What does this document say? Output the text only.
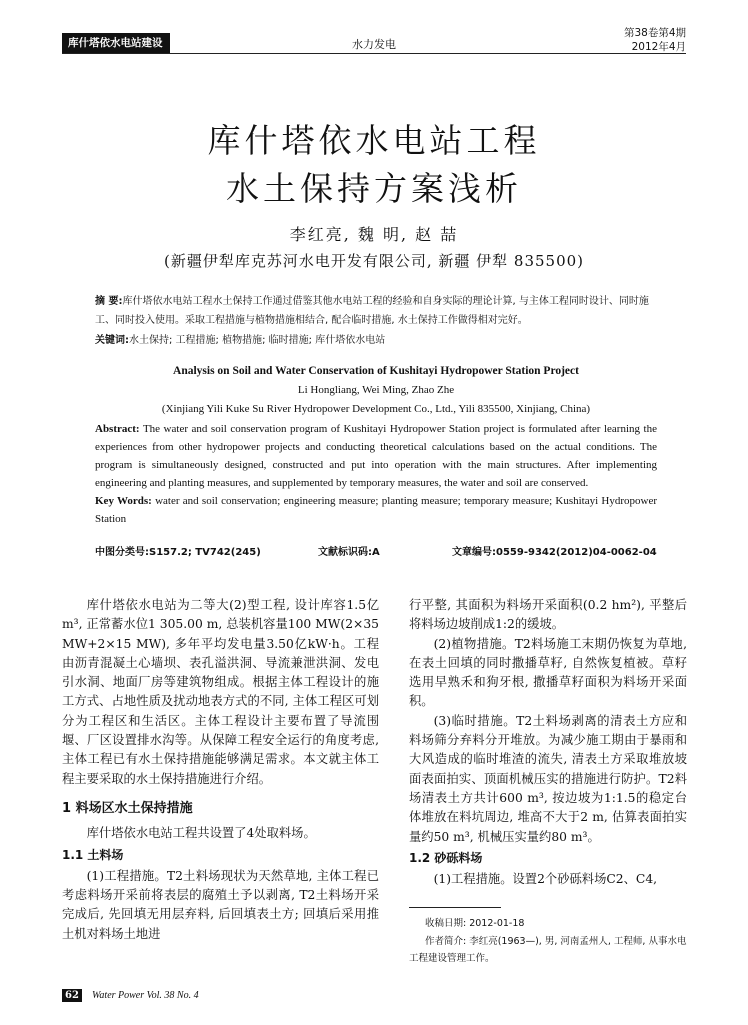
库什塔依水电站建设	水力发电
第38卷第4期
2012年4月
库什塔依水电站工程
水土保持方案浅析
李红亮, 魏 明, 赵 喆
(新疆伊犁库克苏河水电开发有限公司, 新疆 伊犁 835500)
摘 要:库什塔依水电站工程水土保持工作通过借鉴其他水电站工程的经验和自身实际的理论计算, 与主体工程同时设计、同时施工、同时投入使用。采取工程措施与植物措施相结合, 配合临时措施, 水土保持工作做得相对完好。
关键词:水土保持; 工程措施; 植物措施; 临时措施; 库什塔依水电站
Analysis on Soil and Water Conservation of Kushitayi Hydropower Station Project
Li Hongliang, Wei Ming, Zhao Zhe
(Xinjiang Yili Kuke Su River Hydropower Development Co., Ltd., Yili 835500, Xinjiang, China)
Abstract: The water and soil conservation program of Kushitayi Hydropower Station project is formulated after learning the experiences from other hydropower projects and conducting theoretical calculations based on the actual conditions. The program is simultaneously designed, constructed and put into operation with the main structures. After implementing engineering and planting measures, and supplemented by temporary measures, the water and soil are conserved.
Key Words: water and soil conservation; engineering measure; planting measure; temporary measure; Kushitayi Hydropower Station
中图分类号:S157.2; TV742(245)	文献标识码:A	文章编号:0559-9342(2012)04-0062-04

库什塔依水电站为二等大(2)型工程, 设计库容1.5亿m³, 正常蓄水位1 305.00 m, 总装机容量100 MW(2×35 MW+2×15 MW), 多年平均发电量3.50亿kW·h。工程由沥青混凝土心墙坝、表孔溢洪洞、导流兼泄洪洞、发电引水洞、地面厂房等建筑物组成。根据主体工程设计的施工方式、占地性质及扰动地表方式的不同, 主体工程区可划分为工程区和生活区。主体工程设计主要布置了导流围堰、厂区设置排水沟等。从保障工程安全运行的角度考虑, 主体工程已有水土保持措施能够满足需求。本文就主体工程主要采取的水土保持措施进行介绍。

1 料场区水土保持措施

库什塔依水电站工程共设置了4处取料场。

1.1 土料场

(1)工程措施。T2土料场现状为天然草地, 主体工程已考虑料场开采前将表层的腐殖土予以剥离, T2土料场开采完成后, 先回填无用层弃料, 后回填表土方; 回填后采用推土机对料场土地进

行平整, 其面积为料场开采面积(0.2 hm²), 平整后将料场边坡削成1:2的缓坡。

(2)植物措施。T2料场施工末期仍恢复为草地, 在表土回填的同时撒播草籽, 自然恢复植被。草籽选用早熟禾和狗牙根, 撒播草籽面积为料场开采面积。

(3)临时措施。T2土料场剥离的清表土方应和料场筛分弃料分开堆放。为减少施工期由于暴雨和大风造成的临时堆渣的流失, 清表土方采取堆放坡面表面拍实、顶面机械压实的措施进行防护。T2料场清表土方共计600 m³, 按边坡为1:1.5的稳定台体堆放在料坑周边, 堆高不大于2 m, 估算表面拍实量约50 m³, 机械压实量约80 m³。

1.2 砂砾料场

(1)工程措施。设置2个砂砾料场C2、C4,

收稿日期: 2012-01-18
作者简介: 李红亮(1963—), 男, 河南孟州人, 工程师, 从事水电工程建设管理工作。
62	Water Power Vol. 38 No. 4
